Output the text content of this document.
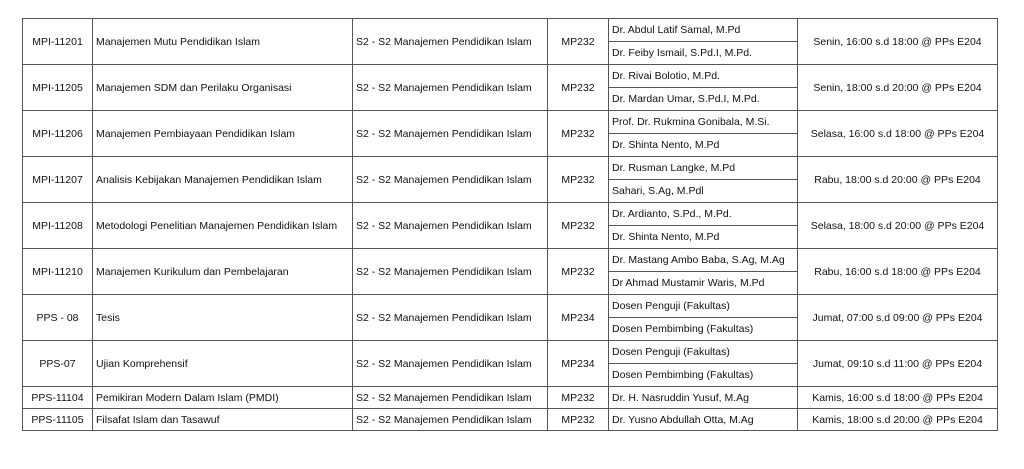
MPI-11201	Manajemen Mutu Pendidikan Islam	S2 - S2 Manajemen Pendidikan Islam	MP232	Dr. Abdul Latif Samal, M.Pd	Senin, 16:00 s.d 18:00 @ PPs E204
				Dr. Feiby Ismail, S.Pd.I, M.Pd.	
MPI-11205	Manajemen SDM dan Perilaku Organisasi	S2 - S2 Manajemen Pendidikan Islam	MP232	Dr. Rivai Bolotio, M.Pd.	Senin, 18:00 s.d 20:00 @ PPs E204
				Dr. Mardan Umar, S.Pd.I, M.Pd.	
MPI-11206	Manajemen Pembiayaan Pendidikan Islam	S2 - S2 Manajemen Pendidikan Islam	MP232	Prof. Dr. Rukmina Gonibala, M.Si.	Selasa, 16:00 s.d 18:00 @ PPs E204
				Dr. Shinta Nento, M.Pd	
MPI-11207	Analisis Kebijakan Manajemen Pendidikan Islam	S2 - S2 Manajemen Pendidikan Islam	MP232	Dr. Rusman Langke, M.Pd	Rabu, 18:00 s.d 20:00 @ PPs E204
				Sahari, S.Ag, M.Pdl	
MPI-11208	Metodologi Penelitian Manajemen Pendidikan Islam	S2 - S2 Manajemen Pendidikan Islam	MP232	Dr. Ardianto, S.Pd., M.Pd.	Selasa, 18:00 s.d 20:00 @ PPs E204
				Dr. Shinta Nento, M.Pd	
MPI-11210	Manajemen Kurikulum dan Pembelajaran	S2 - S2 Manajemen Pendidikan Islam	MP232	Dr. Mastang Ambo Baba, S.Ag, M.Ag	Rabu, 16:00 s.d 18:00 @ PPs E204
				Dr Ahmad Mustamir Waris, M.Pd	
PPS - 08	Tesis	S2 - S2 Manajemen Pendidikan Islam	MP234	Dosen Penguji (Fakultas)	Jumat, 07:00 s.d 09:00 @ PPs E204
				Dosen Pembimbing (Fakultas)	
PPS-07	Ujian Komprehensif	S2 - S2 Manajemen Pendidikan Islam	MP234	Dosen Penguji (Fakultas)	Jumat, 09:10 s.d 11:00 @ PPs E204
				Dosen Pembimbing (Fakultas)	
PPS-11104	Pemikiran Modern Dalam Islam (PMDI)	S2 - S2 Manajemen Pendidikan Islam	MP232	Dr. H. Nasruddin Yusuf, M.Ag	Kamis, 16:00 s.d 18:00 @ PPs E204
PPS-11105	Filsafat Islam dan Tasawuf	S2 - S2 Manajemen Pendidikan Islam	MP232	Dr. Yusno Abdullah Otta, M.Ag	Kamis, 18:00 s.d 20:00 @ PPs E204
